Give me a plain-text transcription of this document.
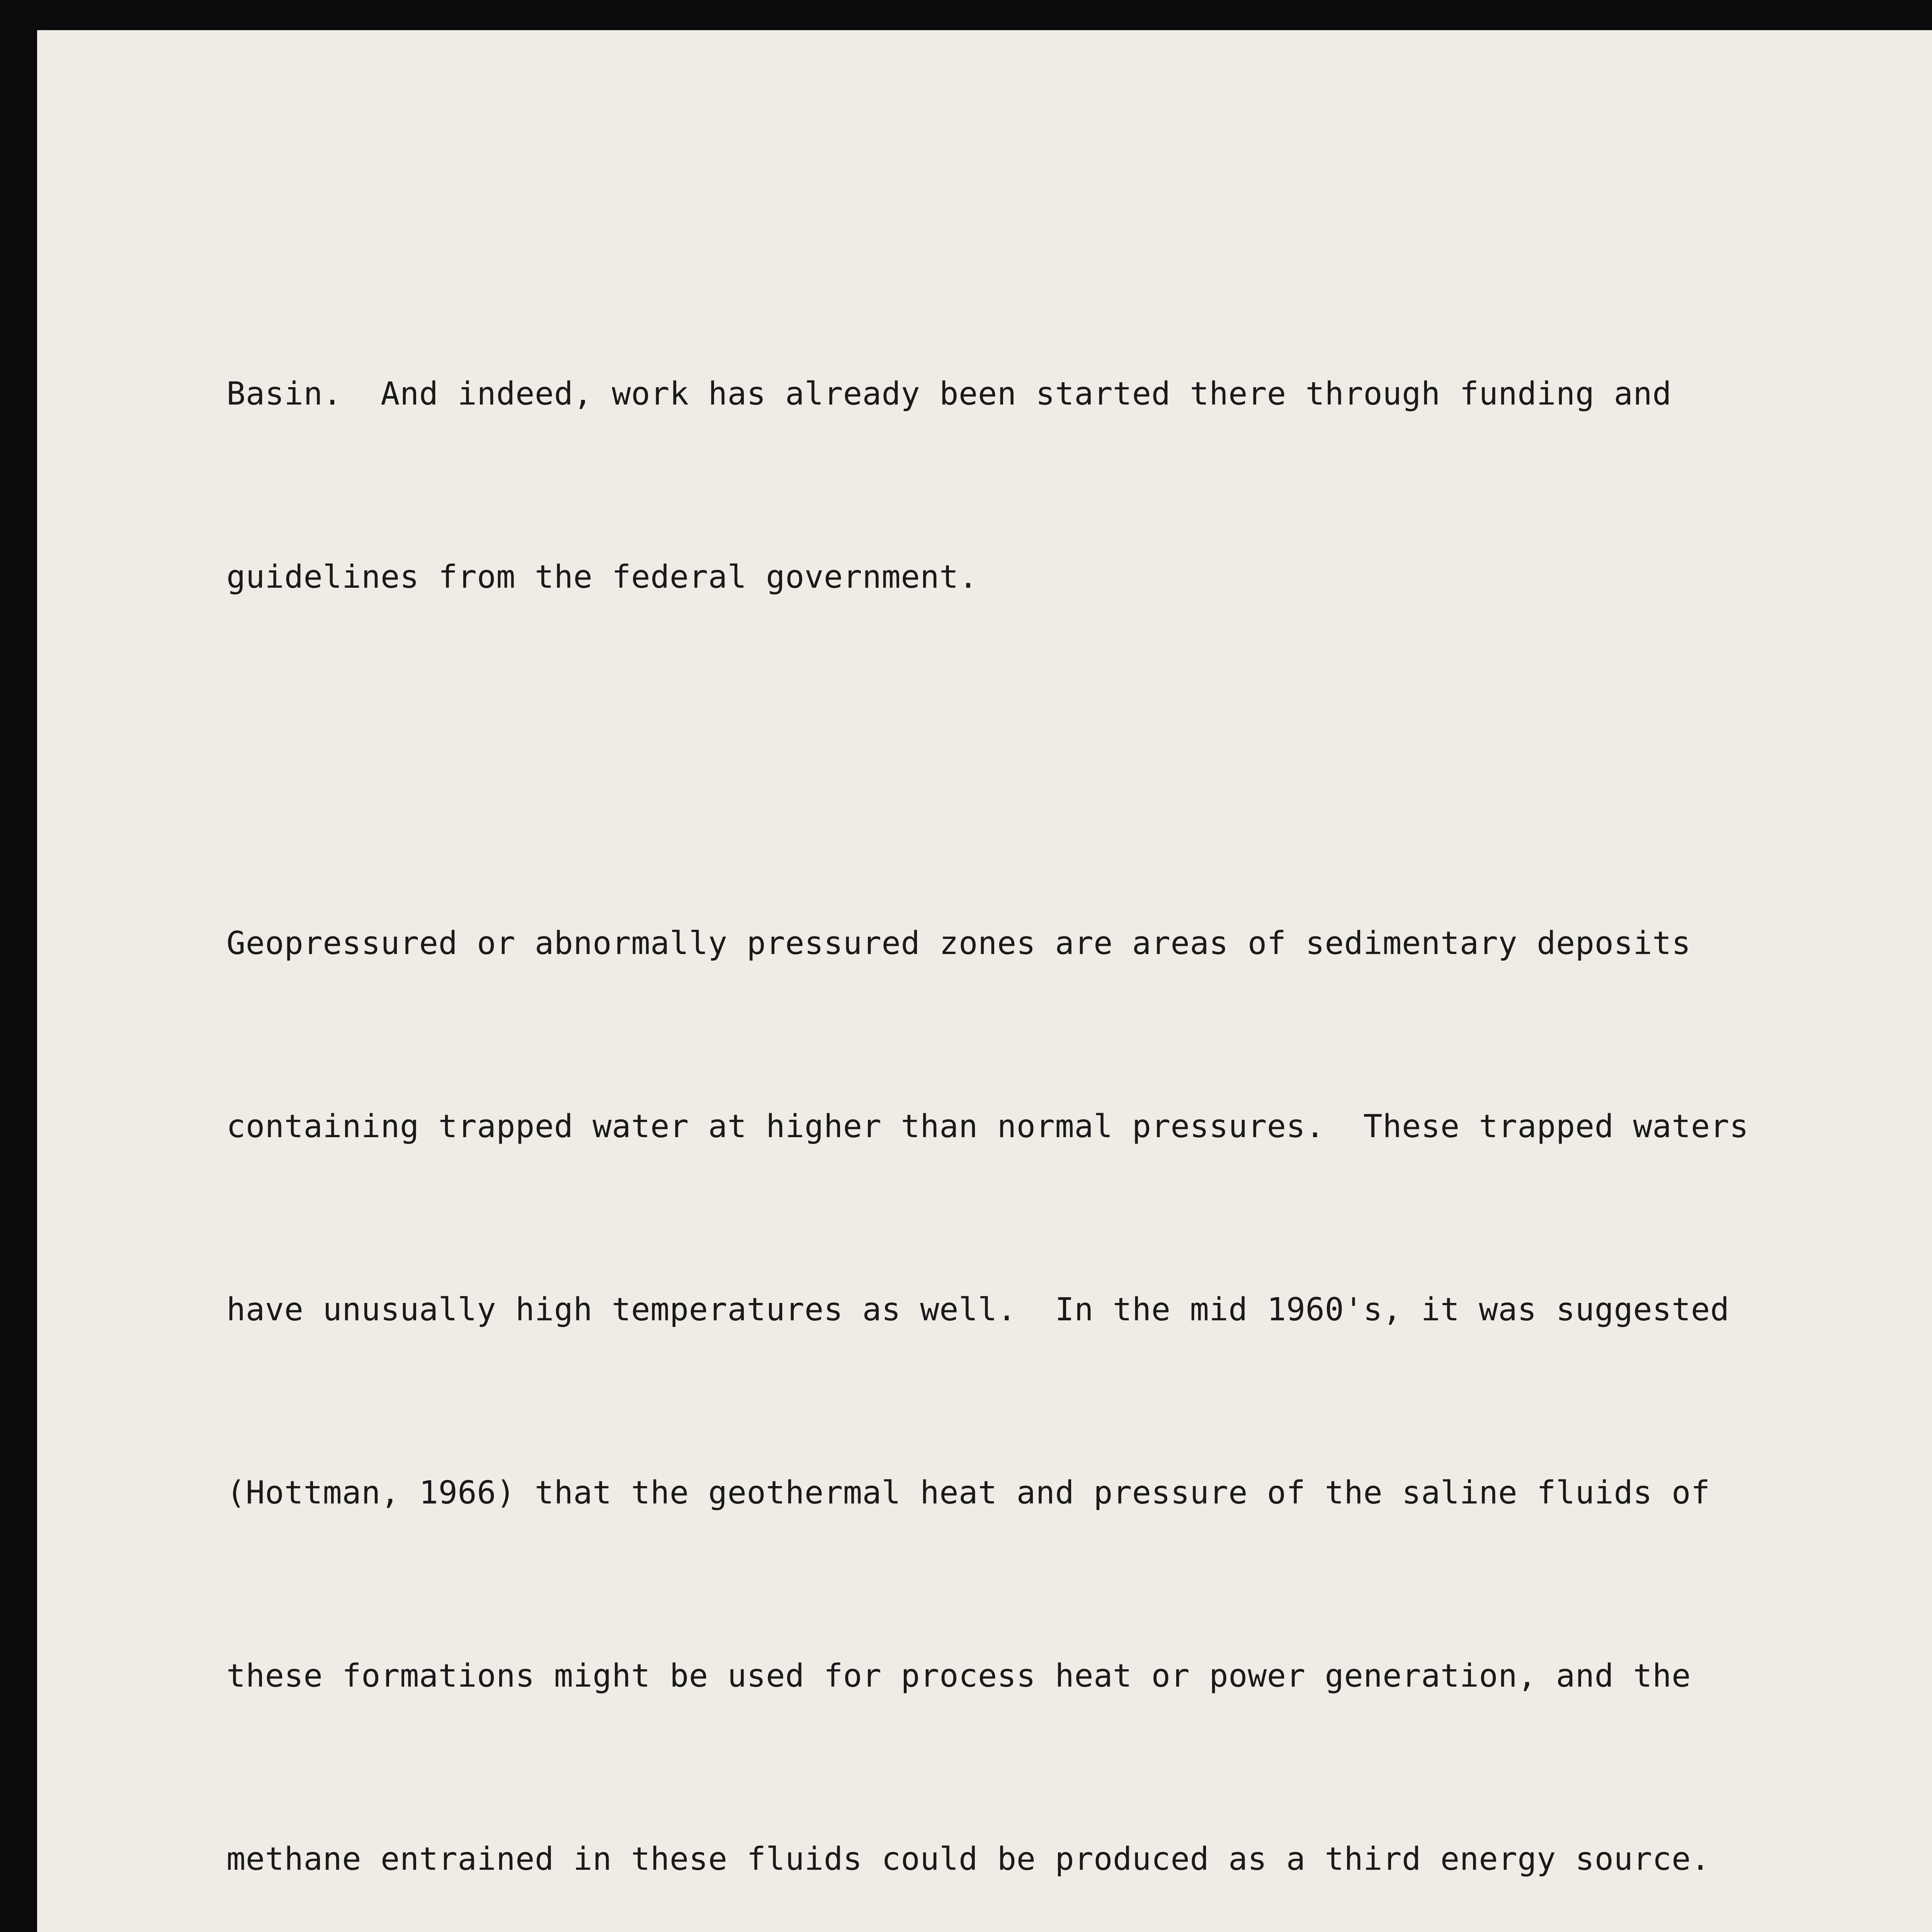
Basin.  And indeed, work has already been started there through funding and

guidelines from the federal government.

Geopressured or abnormally pressured zones are areas of sedimentary deposits

containing trapped water at higher than normal pressures.  These trapped waters

have unusually high temperatures as well.  In the mid 1960's, it was suggested

(Hottman, 1966) that the geothermal heat and pressure of the saline fluids of

these formations might be used for process heat or power generation, and the

methane entrained in these fluids could be produced as a third energy source.
